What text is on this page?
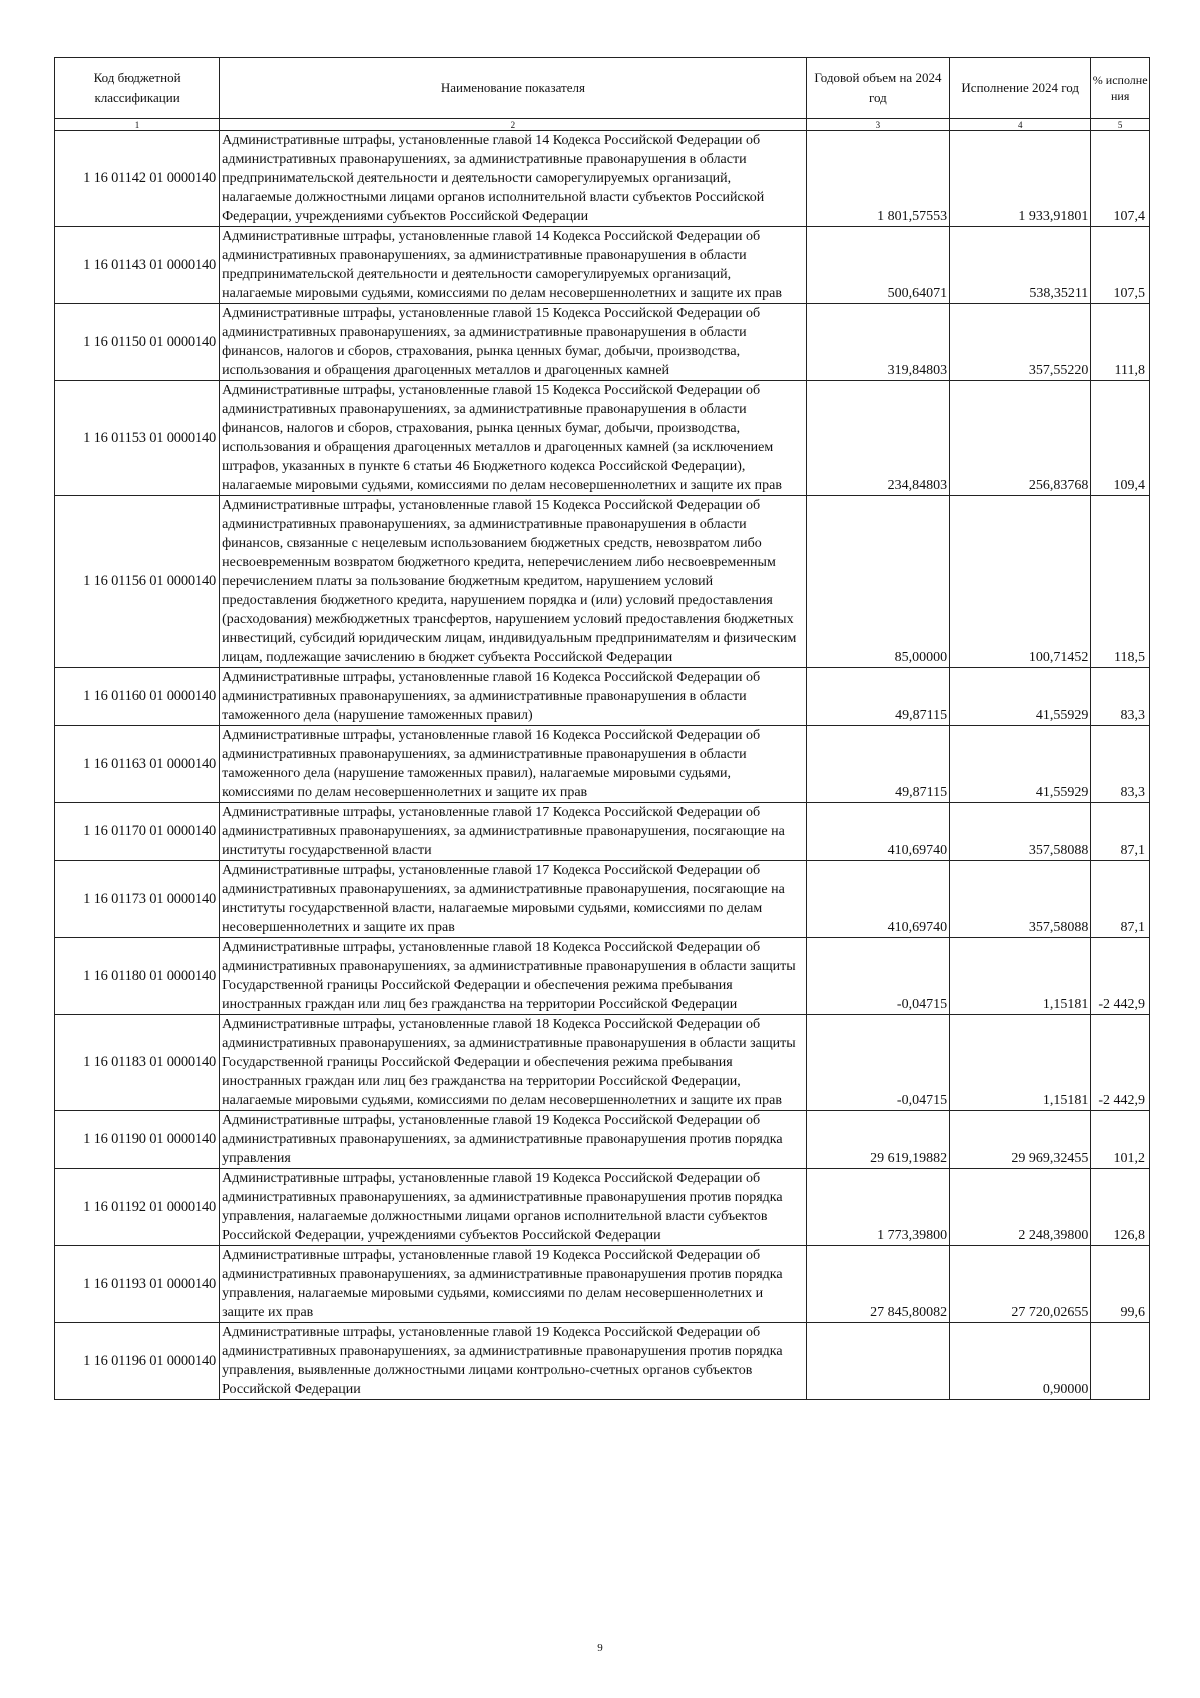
Код бюджетной классификации	Наименование показателя	Годовой объем на 2024 год	Исполнение 2024 год	% исполне ния
1	2	3	4	5
1 16 01142 01 0000140	Административные штрафы, установленные главой 14 Кодекса Российской Федерации об административных правонарушениях, за административные правонарушения в области предпринимательской деятельности и деятельности саморегулируемых организаций, налагаемые должностными лицами органов исполнительной власти субъектов Российской Федерации, учреждениями субъектов Российской Федерации	1 801,57553	1 933,91801	107,4
1 16 01143 01 0000140	Административные штрафы, установленные главой 14 Кодекса Российской Федерации об административных правонарушениях, за административные правонарушения в области предпринимательской деятельности и деятельности саморегулируемых организаций, налагаемые мировыми судьями, комиссиями по делам несовершеннолетних и защите их прав	500,64071	538,35211	107,5
1 16 01150 01 0000140	Административные штрафы, установленные главой 15 Кодекса Российской Федерации об административных правонарушениях, за административные правонарушения в области финансов, налогов и сборов, страхования, рынка ценных бумаг, добычи, производства, использования и обращения драгоценных металлов и драгоценных камней	319,84803	357,55220	111,8
1 16 01153 01 0000140	Административные штрафы, установленные главой 15 Кодекса Российской Федерации об административных правонарушениях, за административные правонарушения в области финансов, налогов и сборов, страхования, рынка ценных бумаг, добычи, производства, использования и обращения драгоценных металлов и драгоценных камней (за исключением штрафов, указанных в пункте 6 статьи 46 Бюджетного кодекса Российской Федерации), налагаемые мировыми судьями, комиссиями по делам несовершеннолетних и защите их прав	234,84803	256,83768	109,4
1 16 01156 01 0000140	Административные штрафы, установленные главой 15 Кодекса Российской Федерации об административных правонарушениях, за административные правонарушения в области финансов, связанные с нецелевым использованием бюджетных средств, невозвратом либо несвоевременным возвратом бюджетного кредита, неперечислением либо несвоевременным перечислением платы за пользование бюджетным кредитом, нарушением условий предоставления бюджетного кредита, нарушением порядка и (или) условий предоставления (расходования) межбюджетных трансфертов, нарушением условий предоставления бюджетных инвестиций, субсидий юридическим лицам, индивидуальным предпринимателям и физическим лицам, подлежащие зачислению в бюджет субъекта Российской Федерации	85,00000	100,71452	118,5
1 16 01160 01 0000140	Административные штрафы, установленные главой 16 Кодекса Российской Федерации об административных правонарушениях, за административные правонарушения в области таможенного дела (нарушение таможенных правил)	49,87115	41,55929	83,3
1 16 01163 01 0000140	Административные штрафы, установленные главой 16 Кодекса Российской Федерации об административных правонарушениях, за административные правонарушения в области таможенного дела (нарушение таможенных правил), налагаемые мировыми судьями, комиссиями по делам несовершеннолетних и защите их прав	49,87115	41,55929	83,3
1 16 01170 01 0000140	Административные штрафы, установленные главой 17 Кодекса Российской Федерации об административных правонарушениях, за административные правонарушения, посягающие на институты государственной власти	410,69740	357,58088	87,1
1 16 01173 01 0000140	Административные штрафы, установленные главой 17 Кодекса Российской Федерации об административных правонарушениях, за административные правонарушения, посягающие на институты государственной власти, налагаемые мировыми судьями, комиссиями по делам несовершеннолетних и защите их прав	410,69740	357,58088	87,1
1 16 01180 01 0000140	Административные штрафы, установленные главой 18 Кодекса Российской Федерации об административных правонарушениях, за административные правонарушения в области защиты Государственной границы Российской Федерации и обеспечения режима пребывания иностранных граждан или лиц без гражданства на территории Российской Федерации	-0,04715	1,15181	-2 442,9
1 16 01183 01 0000140	Административные штрафы, установленные главой 18 Кодекса Российской Федерации об административных правонарушениях, за административные правонарушения в области защиты Государственной границы Российской Федерации и обеспечения режима пребывания иностранных граждан или лиц без гражданства на территории Российской Федерации, налагаемые мировыми судьями, комиссиями по делам несовершеннолетних и защите их прав	-0,04715	1,15181	-2 442,9
1 16 01190 01 0000140	Административные штрафы, установленные главой 19 Кодекса Российской Федерации об административных правонарушениях, за административные правонарушения против порядка управления	29 619,19882	29 969,32455	101,2
1 16 01192 01 0000140	Административные штрафы, установленные главой 19 Кодекса Российской Федерации об административных правонарушениях, за административные правонарушения против порядка управления, налагаемые должностными лицами органов исполнительной власти субъектов Российской Федерации, учреждениями субъектов Российской Федерации	1 773,39800	2 248,39800	126,8
1 16 01193 01 0000140	Административные штрафы, установленные главой 19 Кодекса Российской Федерации об административных правонарушениях, за административные правонарушения против порядка управления, налагаемые мировыми судьями, комиссиями по делам несовершеннолетних и защите их прав	27 845,80082	27 720,02655	99,6
1 16 01196 01 0000140	Административные штрафы, установленные главой 19 Кодекса Российской Федерации об административных правонарушениях, за административные правонарушения против порядка управления, выявленные должностными лицами контрольно-счетных органов субъектов Российской Федерации		0,90000	
9
